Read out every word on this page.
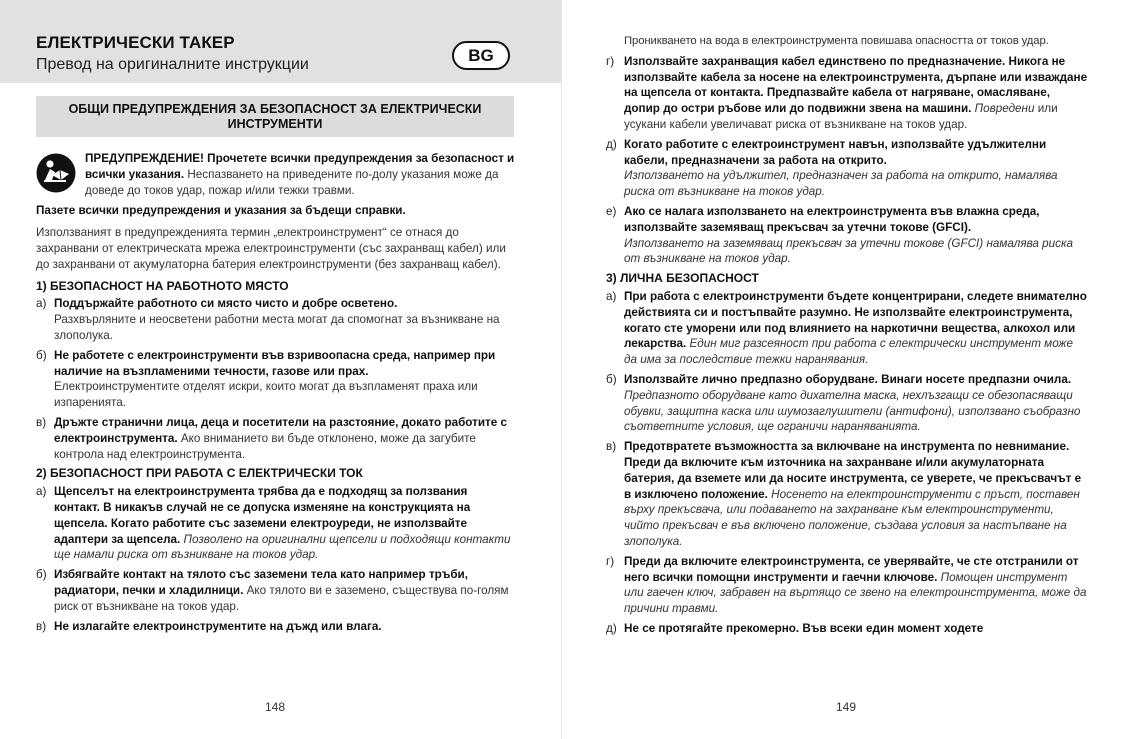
ЕЛЕКТРИЧЕСКИ ТАКЕР
Превод на оригиналните инструкции	BG
ОБЩИ ПРЕДУПРЕЖДЕНИЯ ЗА БЕЗОПАСНОСТ ЗА ЕЛЕКТРИЧЕСКИ ИНСТРУМЕНТИ
ПРЕДУПРЕЖДЕНИЕ! Прочетете всички предупреждения за безопасност и всички указания. Неспазването на приведените по-долу указания може да доведе до токов удар, пожар и/или тежки травми.
Пазете всички предупреждения и указания за бъдещи справки.
Използваният в предупрежденията термин „електроинструмент“ се отнася до захранвани от електрическата мрежа електроинструменти (със захранващ кабел) или до захранвани от акумулаторна батерия електроинструменти (без захранващ кабел).
1) БЕЗОПАСНОСТ НА РАБОТНОТО МЯСТО
а) Поддържайте работното си място чисто и добре осветено.
Разхвърляните и неосветени работни места могат да спомогнат за възникване на злополука.
б) Не работете с електроинструменти във взривоопасна среда, например при наличие на възпламеними течности, газове или прах.
Електроинструментите отделят искри, които могат да възпламенят праха или изпаренията.
в) Дръжте странични лица, деца и посетители на разстояние, докато работите с електроинструмента. Ако вниманието ви бъде отклонено, може да загубите контрола над електроинструмента.
2) БЕЗОПАСНОСТ ПРИ РАБОТА С ЕЛЕКТРИЧЕСКИ ТОК
а) Щепселът на електроинструмента трябва да е подходящ за ползвания контакт. В никакъв случай не се допуска изменяне на конструкцията на щепсела. Когато работите със заземени електроуреди, не използвайте адаптери за щепсела. Позвoлено на оригинални щепсели и подходящи контакти ще намали риска от възникване на токов удар.
б) Избягвайте контакт на тялото със заземени тела като например тръби, радиатори, печки и хладилници. Ако тялото ви е заземено, съществува по-голям риск от възникване на токов удар.
в) Не излагайте електроинструментите на дъжд или влага.
148
Проникването на вода в електроинструмента повишава опасността от токов удар.
г) Използвайте захранващия кабел единствено по предназначение. Никога не използвайте кабела за носене на електроинструмента, дърпане или изваждане на щепсела от контакта. Предпазвайте кабела от нагряване, омасляване, допир до остри ръбове или до подвижни звена на машини. Повредени или усукани кабели увеличават риска от възникване на токов удар.
д) Когато работите с електроинструмент навън, използвайте удължителни кабели, предназначени за работа на открито.
Използването на удължител, предназначен за работа на открито, намалява риска от възникване на токов удар.
е) Ако се налага използването на електроинструмента във влажна среда, използвайте заземяващ прекъсвач за утечни токове (GFCI).
Използването на заземяващ прекъсвач за утечни токове (GFCI) намалява риска от възникване на токов удар.
3) ЛИЧНА БЕЗОПАСНОСТ
а) При работа с електроинструменти бъдете концентрирани, следете внимателно действията си и постъпвайте разумно. Не използвайте електроинструмента, когато сте уморени или под влиянието на наркотични вещества, алкохол или лекарства. Един миг разсеяност при работа с електрически инструмент може да има за последствие тежки наранявания.
б) Използвайте лично предпазно оборудване. Винаги носете предпазни очила. Предпазното оборудване като дихателна маска, нехлъзгащи се обезопасяващи обувки, защитна каска или шумозаглушители (антифони), използвано съобразно съответните условия, ще ограничи нараняванията.
в) Предотвратете възможността за включване на инструмента по невнимание. Преди да включите към източника на захранване и/или акумулаторната батерия, да вземете или да носите инструмента, се уверете, че прекъсвачът е в изключено положение. Носенето на електроинструменти с пръст, поставен върху прекъсвача, или подаването на захранване към електроинструменти, чийто прекъсвач е във включено положение, създава условия за настъпване на злополука.
г) Преди да включите електроинструмента, се уверявайте, че сте отстранили от него всички помощни инструменти и гаечни ключове. Помощен инструмент или гаечен ключ, забравен на въртящо се звено на електроинструмента, може да причини травми.
д) Не се протягайте прекомерно. Във всеки един момент ходете
149
